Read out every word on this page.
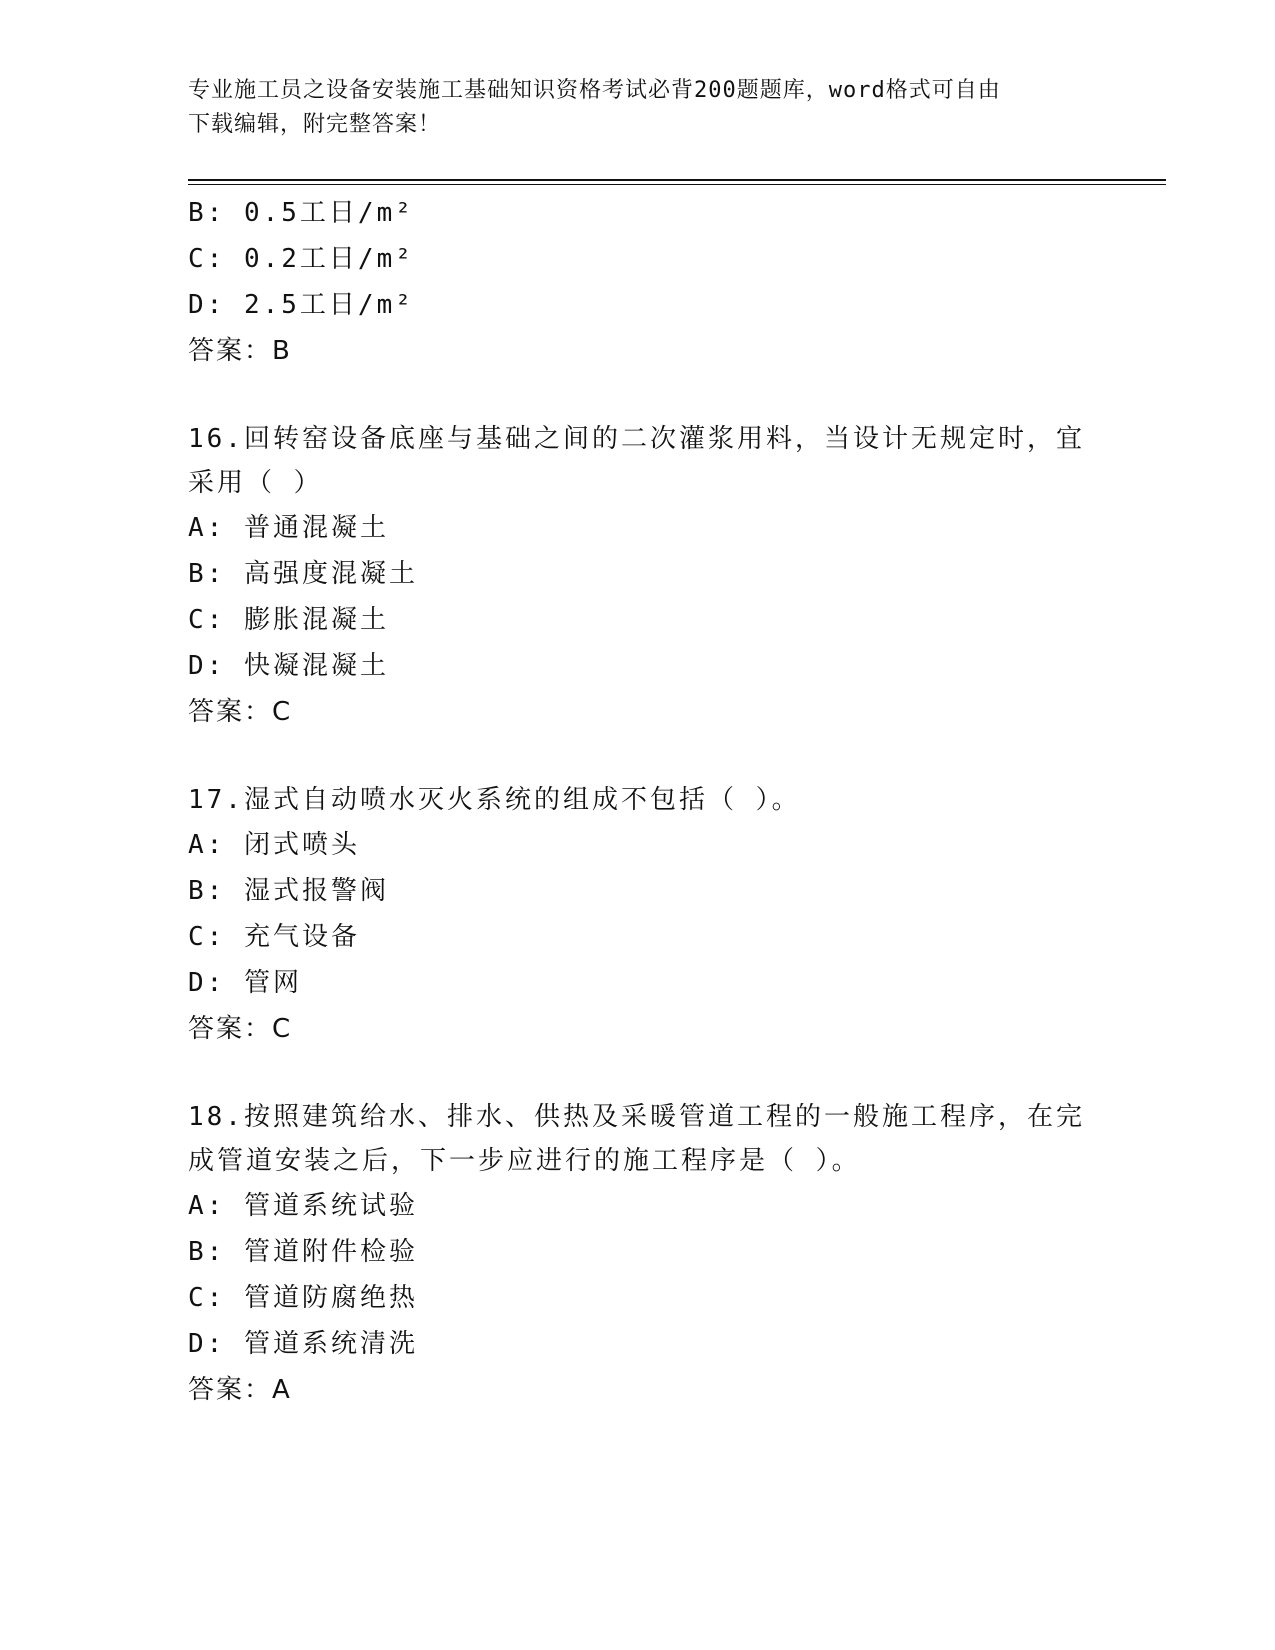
专业施工员之设备安装施工基础知识资格考试必背200题题库，word格式可自由
下载编辑，附完整答案！
B: 0.5工日/m²
C: 0.2工日/m²
D: 2.5工日/m²
答案：B
16.回转窑设备底座与基础之间的二次灌浆用料，当设计无规定时，宜
采用（ ）
A: 普通混凝土
B: 高强度混凝土
C: 膨胀混凝土
D: 快凝混凝土
答案：C
17.湿式自动喷水灭火系统的组成不包括（ ）。
A: 闭式喷头
B: 湿式报警阀
C: 充气设备
D: 管网
答案：C
18.按照建筑给水、排水、供热及采暖管道工程的一般施工程序，在完
成管道安装之后，下一步应进行的施工程序是（ ）。
A: 管道系统试验
B: 管道附件检验
C: 管道防腐绝热
D: 管道系统清洗
答案：A
